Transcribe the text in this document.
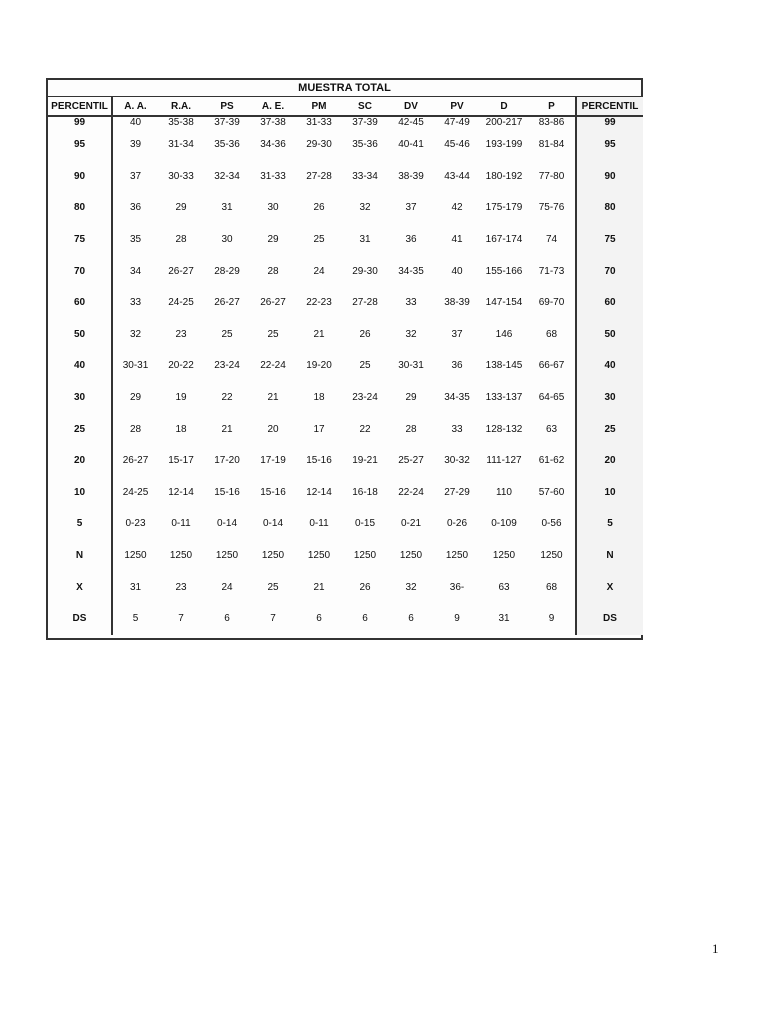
MUESTRA TOTAL
PERCENTIL	A. A.	R.A.	PS	A. E.	PM	SC	DV	PV	D	P	PERCENTIL
99	40	35-38	37-39	37-38	31-33	37-39	42-45	47-49	200-217	83-86	99
95	39	31-34	35-36	34-36	29-30	35-36	40-41	45-46	193-199	81-84	95
90	37	30-33	32-34	31-33	27-28	33-34	38-39	43-44	180-192	77-80	90
80	36	29	31	30	26	32	37	42	175-179	75-76	80
75	35	28	30	29	25	31	36	41	167-174	74	75
70	34	26-27	28-29	28	24	29-30	34-35	40	155-166	71-73	70
60	33	24-25	26-27	26-27	22-23	27-28	33	38-39	147-154	69-70	60
50	32	23	25	25	21	26	32	37	146	68	50
40	30-31	20-22	23-24	22-24	19-20	25	30-31	36	138-145	66-67	40
30	29	19	22	21	18	23-24	29	34-35	133-137	64-65	30
25	28	18	21	20	17	22	28	33	128-132	63	25
20	26-27	15-17	17-20	17-19	15-16	19-21	25-27	30-32	111-127	61-62	20
10	24-25	12-14	15-16	15-16	12-14	16-18	22-24	27-29	110	57-60	10
5	0-23	0-11	0-14	0-14	0-11	0-15	0-21	0-26	0-109	0-56	5
N	1250	1250	1250	1250	1250	1250	1250	1250	1250	1250	N
X	31	23	24	25	21	26	32	36-	63	68	X
DS	5	7	6	7	6	6	6	9	31	9	DS
1
